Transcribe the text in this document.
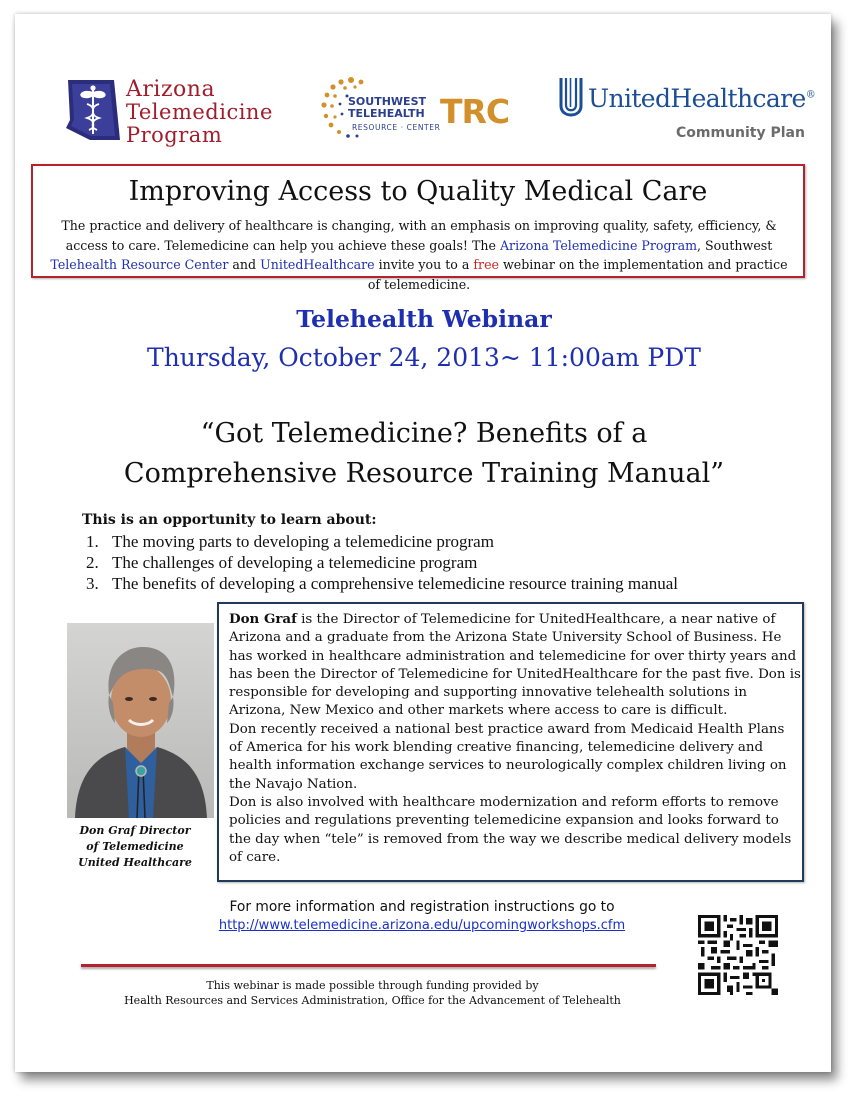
Arizona
Telemedicine
Program
SOUTHWEST
TELEHEALTH TRC
RESOURCE · CENTER
UnitedHealthcare®
Community Plan
Improving Access to Quality Medical Care

The practice and delivery of healthcare is changing, with an emphasis on improving quality, safety, efficiency, & access to care. Telemedicine can help you achieve these goals! The Arizona Telemedicine Program, Southwest Telehealth Resource Center and UnitedHealthcare invite you to a free webinar on the implementation and practice of telemedicine.

Telehealth Webinar
Thursday, October 24, 2013~ 11:00am PDT
“Got Telemedicine? Benefits of a
Comprehensive Resource Training Manual”
This is an opportunity to learn about:
1. The moving parts to developing a telemedicine program
2. The challenges of developing a telemedicine program
3. The benefits of developing a comprehensive telemedicine resource training manual
Don Graf Director
of Telemedicine
United Healthcare

Don Graf is the Director of Telemedicine for UnitedHealthcare, a near native of Arizona and a graduate from the Arizona State University School of Business. He has worked in healthcare administration and telemedicine for over thirty years and has been the Director of Telemedicine for UnitedHealthcare for the past five. Don is responsible for developing and supporting innovative telehealth solutions in Arizona, New Mexico and other markets where access to care is difficult.
Don recently received a national best practice award from Medicaid Health Plans of America for his work blending creative financing, telemedicine delivery and health information exchange services to neurologically complex children living on the Navajo Nation.
Don is also involved with healthcare modernization and reform efforts to remove policies and regulations preventing telemedicine expansion and looks forward to the day when “tele” is removed from the way we describe medical delivery models of care.

For more information and registration instructions go to
http://www.telemedicine.arizona.edu/upcomingworkshops.cfm
This webinar is made possible through funding provided by
Health Resources and Services Administration, Office for the Advancement of Telehealth
